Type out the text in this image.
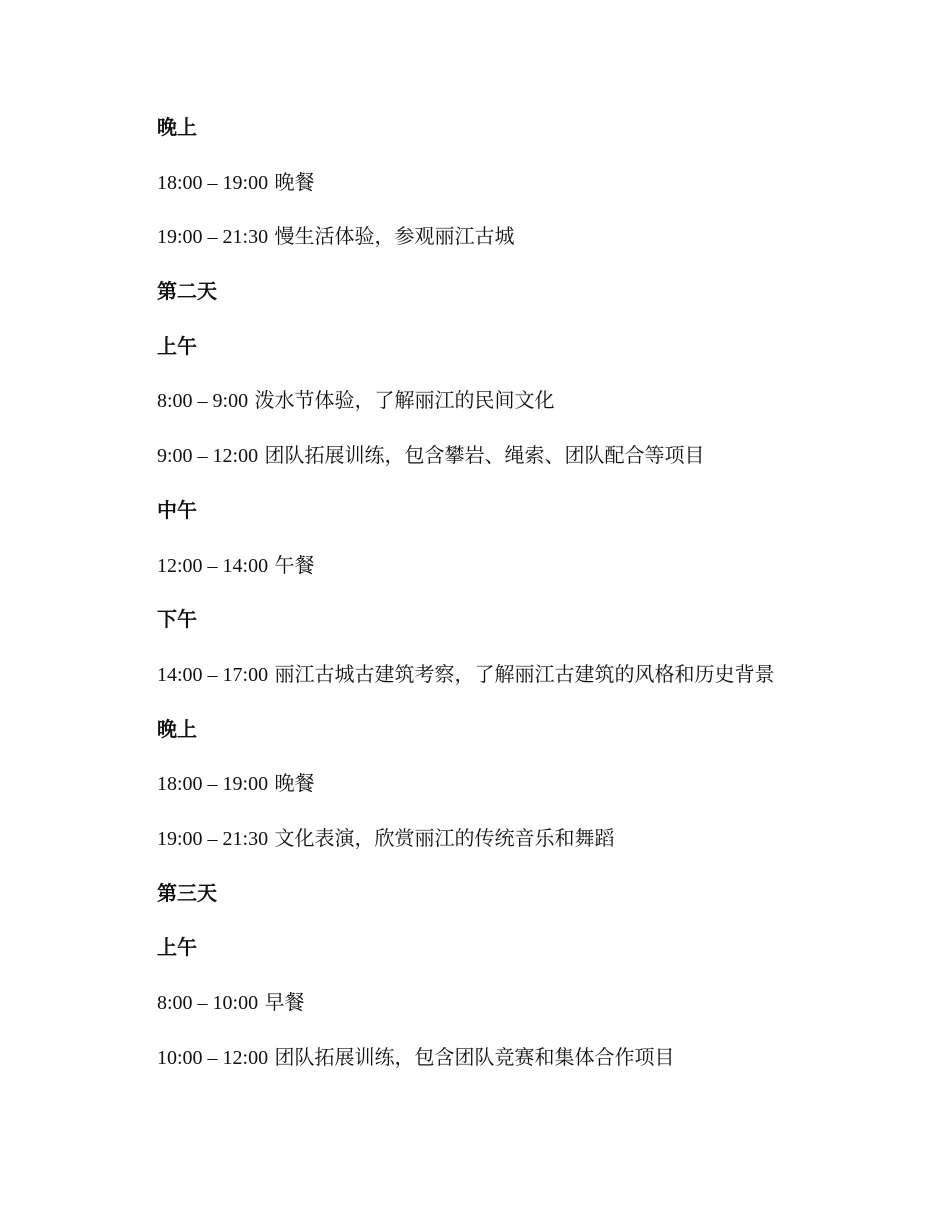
晚上
18:00 – 19:00 晚餐
19:00 – 21:30 慢生活体验，参观丽江古城
第二天
上午
8:00 – 9:00 泼水节体验，了解丽江的民间文化
9:00 – 12:00 团队拓展训练，包含攀岩、绳索、团队配合等项目
中午
12:00 – 14:00 午餐
下午
14:00 – 17:00 丽江古城古建筑考察，了解丽江古建筑的风格和历史背景
晚上
18:00 – 19:00 晚餐
19:00 – 21:30 文化表演，欣赏丽江的传统音乐和舞蹈
第三天
上午
8:00 – 10:00 早餐
10:00 – 12:00 团队拓展训练，包含团队竞赛和集体合作项目
